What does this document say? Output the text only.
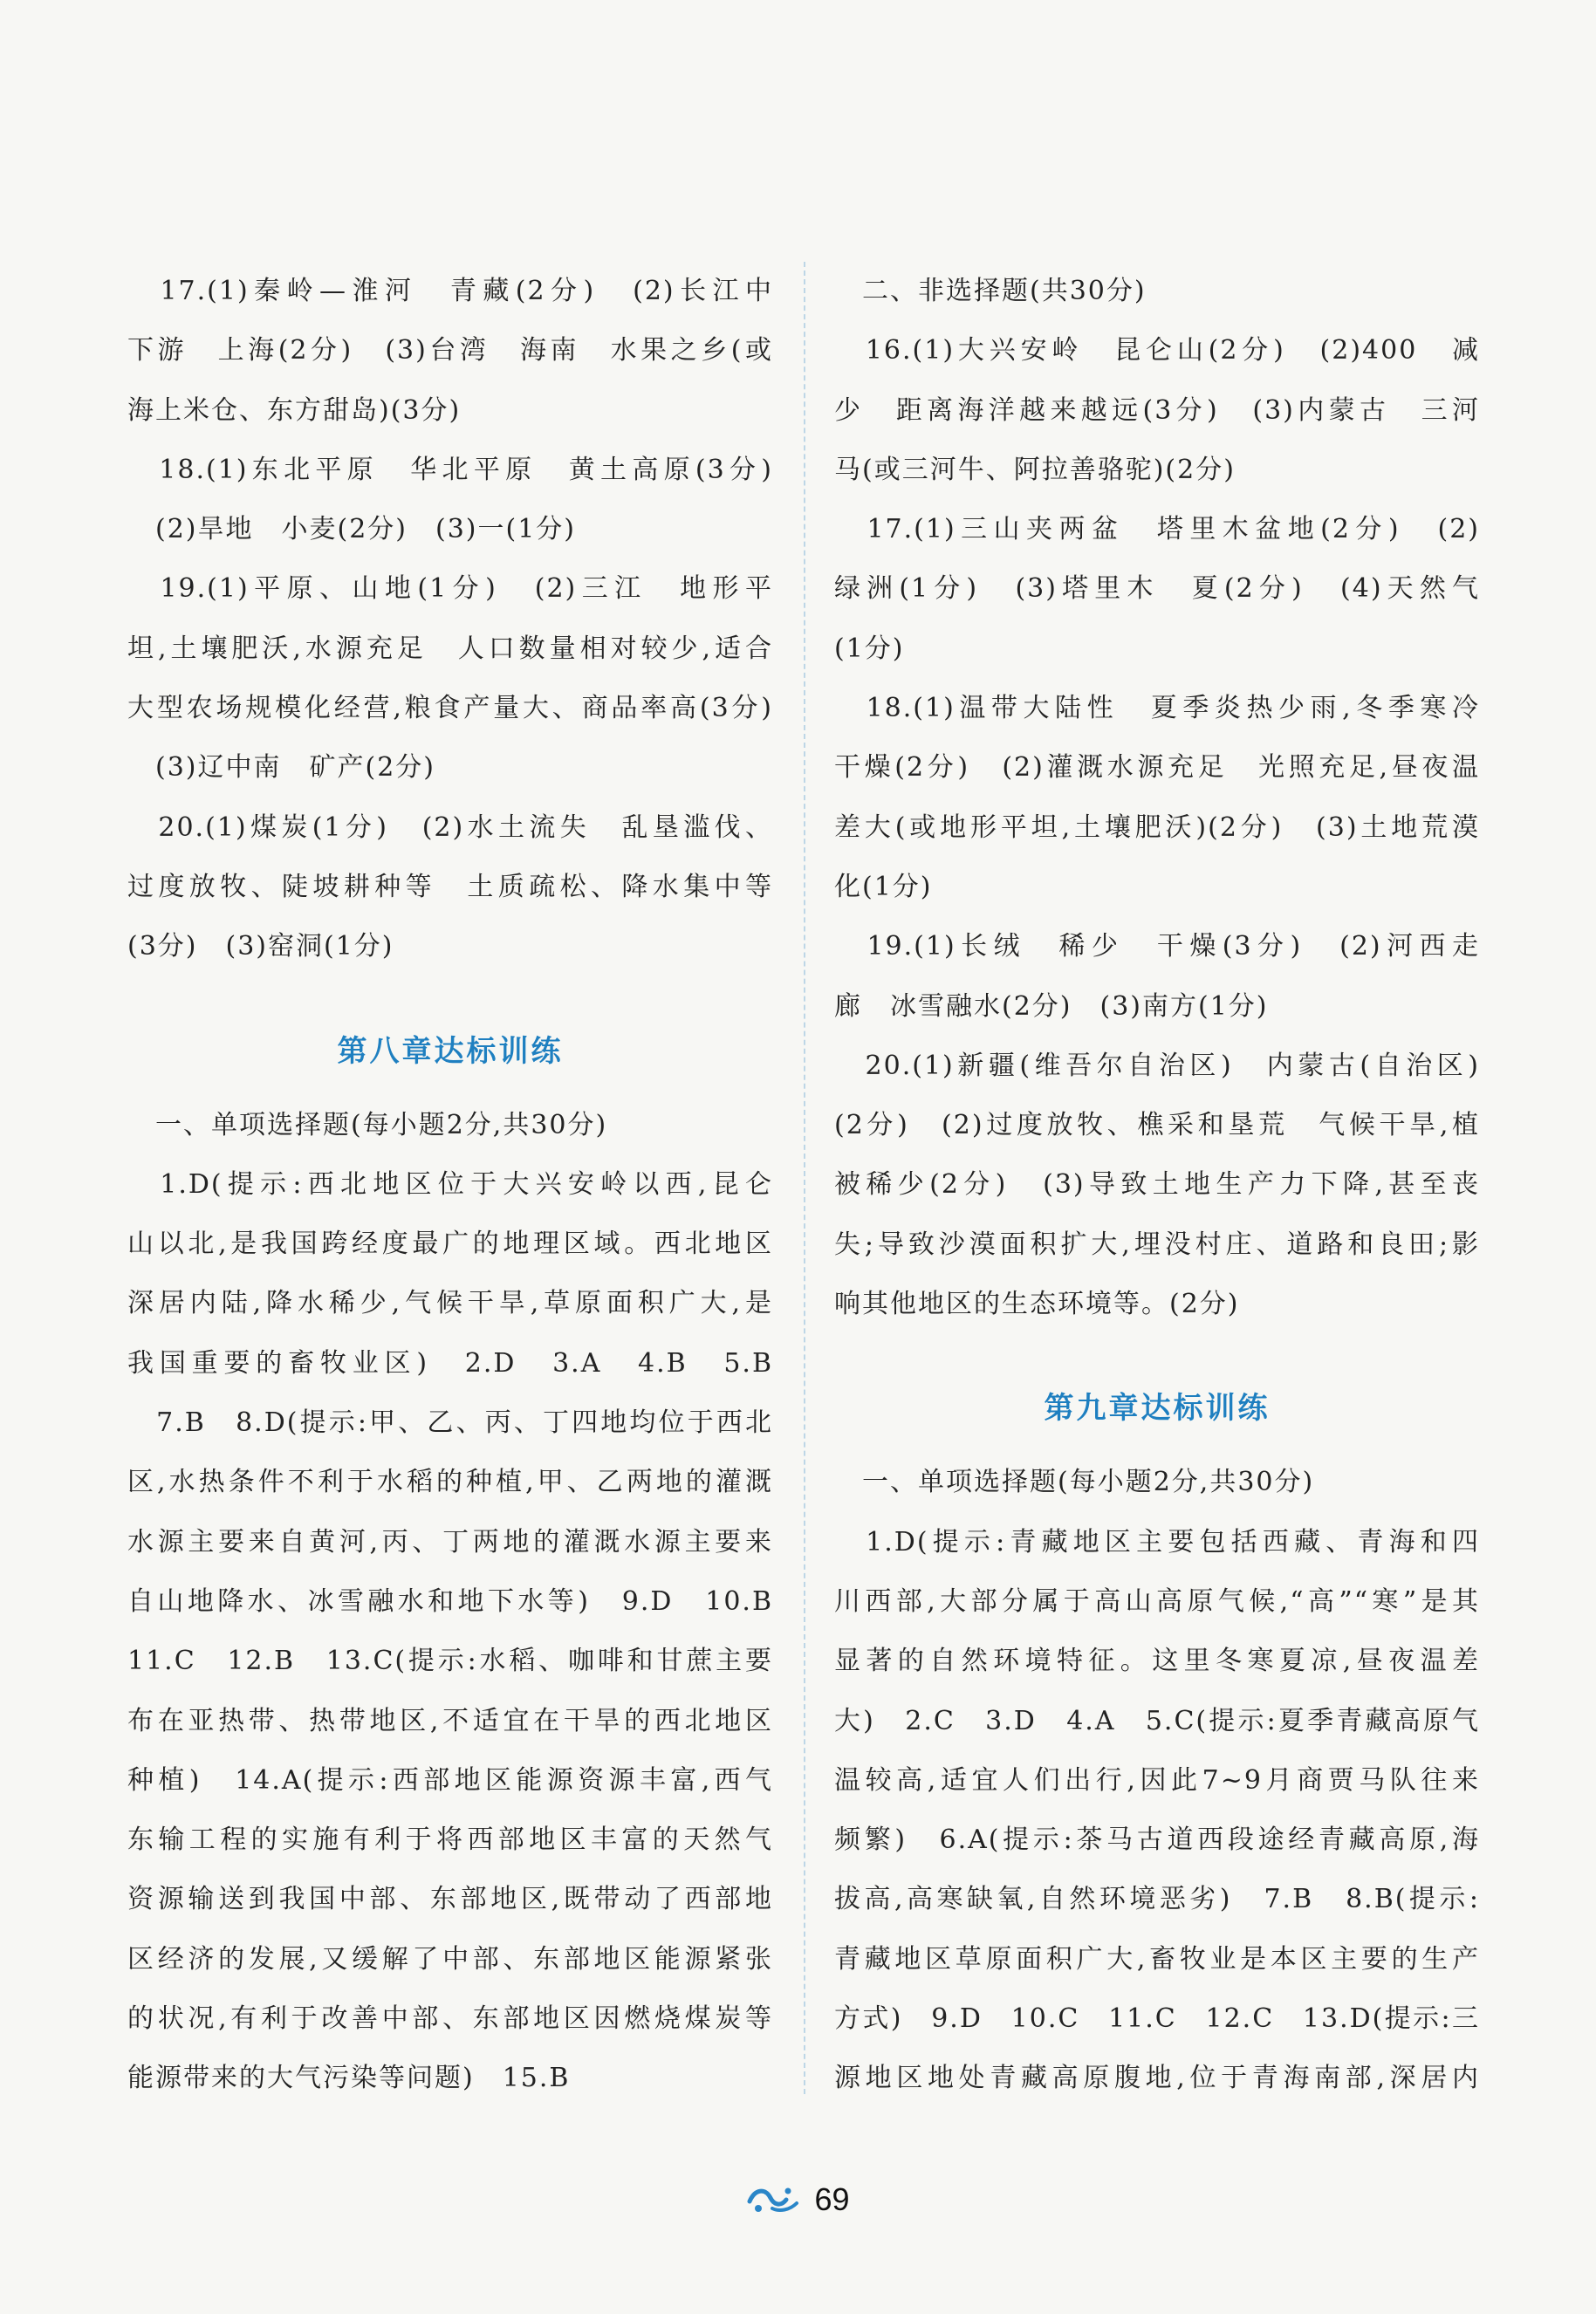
　17.(1)秦岭—淮河　青藏(2分)　(2)长江中
下游　上海(2分)　(3)台湾　海南　水果之乡(或
海上米仓、东方甜岛)(3分)
　18.(1)东北平原　华北平原　黄土高原(3分)
　(2)旱地　小麦(2分)　(3)一(1分)
　19.(1)平原、山地(1分)　(2)三江　地形平
坦,土壤肥沃,水源充足　人口数量相对较少,适合
大型农场规模化经营,粮食产量大、商品率高(3分)
　(3)辽中南　矿产(2分)
　20.(1)煤炭(1分)　(2)水土流失　乱垦滥伐、
过度放牧、陡坡耕种等　土质疏松、降水集中等
(3分)　(3)窑洞(1分)
第八章达标训练
　一、单项选择题(每小题2分,共30分)
　1.D(提示:西北地区位于大兴安岭以西,昆仑
山以北,是我国跨经度最广的地理区域。西北地区
深居内陆,降水稀少,气候干旱,草原面积广大,是
我国重要的畜牧业区)　2.D　3.A　4.B　5.B　
　7.B　8.D(提示:甲、乙、丙、丁四地均位于西北
区,水热条件不利于水稻的种植,甲、乙两地的灌溉
水源主要来自黄河,丙、丁两地的灌溉水源主要来
自山地降水、冰雪融水和地下水等)　9.D　10.B
11.C　12.B　13.C(提示:水稻、咖啡和甘蔗主要
布在亚热带、热带地区,不适宜在干旱的西北地区
种植)　14.A(提示:西部地区能源资源丰富,西气
东输工程的实施有利于将西部地区丰富的天然气
资源输送到我国中部、东部地区,既带动了西部地
区经济的发展,又缓解了中部、东部地区能源紧张
的状况,有利于改善中部、东部地区因燃烧煤炭等
能源带来的大气污染等问题)　15.B
　二、非选择题(共30分)
　16.(1)大兴安岭　昆仑山(2分)　(2)400　减
少　距离海洋越来越远(3分)　(3)内蒙古　三河
马(或三河牛、阿拉善骆驼)(2分)
　17.(1)三山夹两盆　塔里木盆地(2分)　(2)
绿洲(1分)　(3)塔里木　夏(2分)　(4)天然气
(1分)
　18.(1)温带大陆性　夏季炎热少雨,冬季寒冷
干燥(2分)　(2)灌溉水源充足　光照充足,昼夜温
差大(或地形平坦,土壤肥沃)(2分)　(3)土地荒漠
化(1分)
　19.(1)长绒　稀少　干燥(3分)　(2)河西走
廊　冰雪融水(2分)　(3)南方(1分)
　20.(1)新疆(维吾尔自治区)　内蒙古(自治区)
(2分)　(2)过度放牧、樵采和垦荒　气候干旱,植
被稀少(2分)　(3)导致土地生产力下降,甚至丧
失;导致沙漠面积扩大,埋没村庄、道路和良田;影
响其他地区的生态环境等。(2分)
第九章达标训练
　一、单项选择题(每小题2分,共30分)
　1.D(提示:青藏地区主要包括西藏、青海和四
川西部,大部分属于高山高原气候,“高”“寒”是其
显著的自然环境特征。这里冬寒夏凉,昼夜温差
大)　2.C　3.D　4.A　5.C(提示:夏季青藏高原气
温较高,适宜人们出行,因此7~9月商贾马队往来
频繁)　6.A(提示:茶马古道西段途经青藏高原,海
拔高,高寒缺氧,自然环境恶劣)　7.B　8.B(提示:
青藏地区草原面积广大,畜牧业是本区主要的生产
方式)　9.D　10.C　11.C　12.C　13.D(提示:三
源地区地处青藏高原腹地,位于青海南部,深居内
69
